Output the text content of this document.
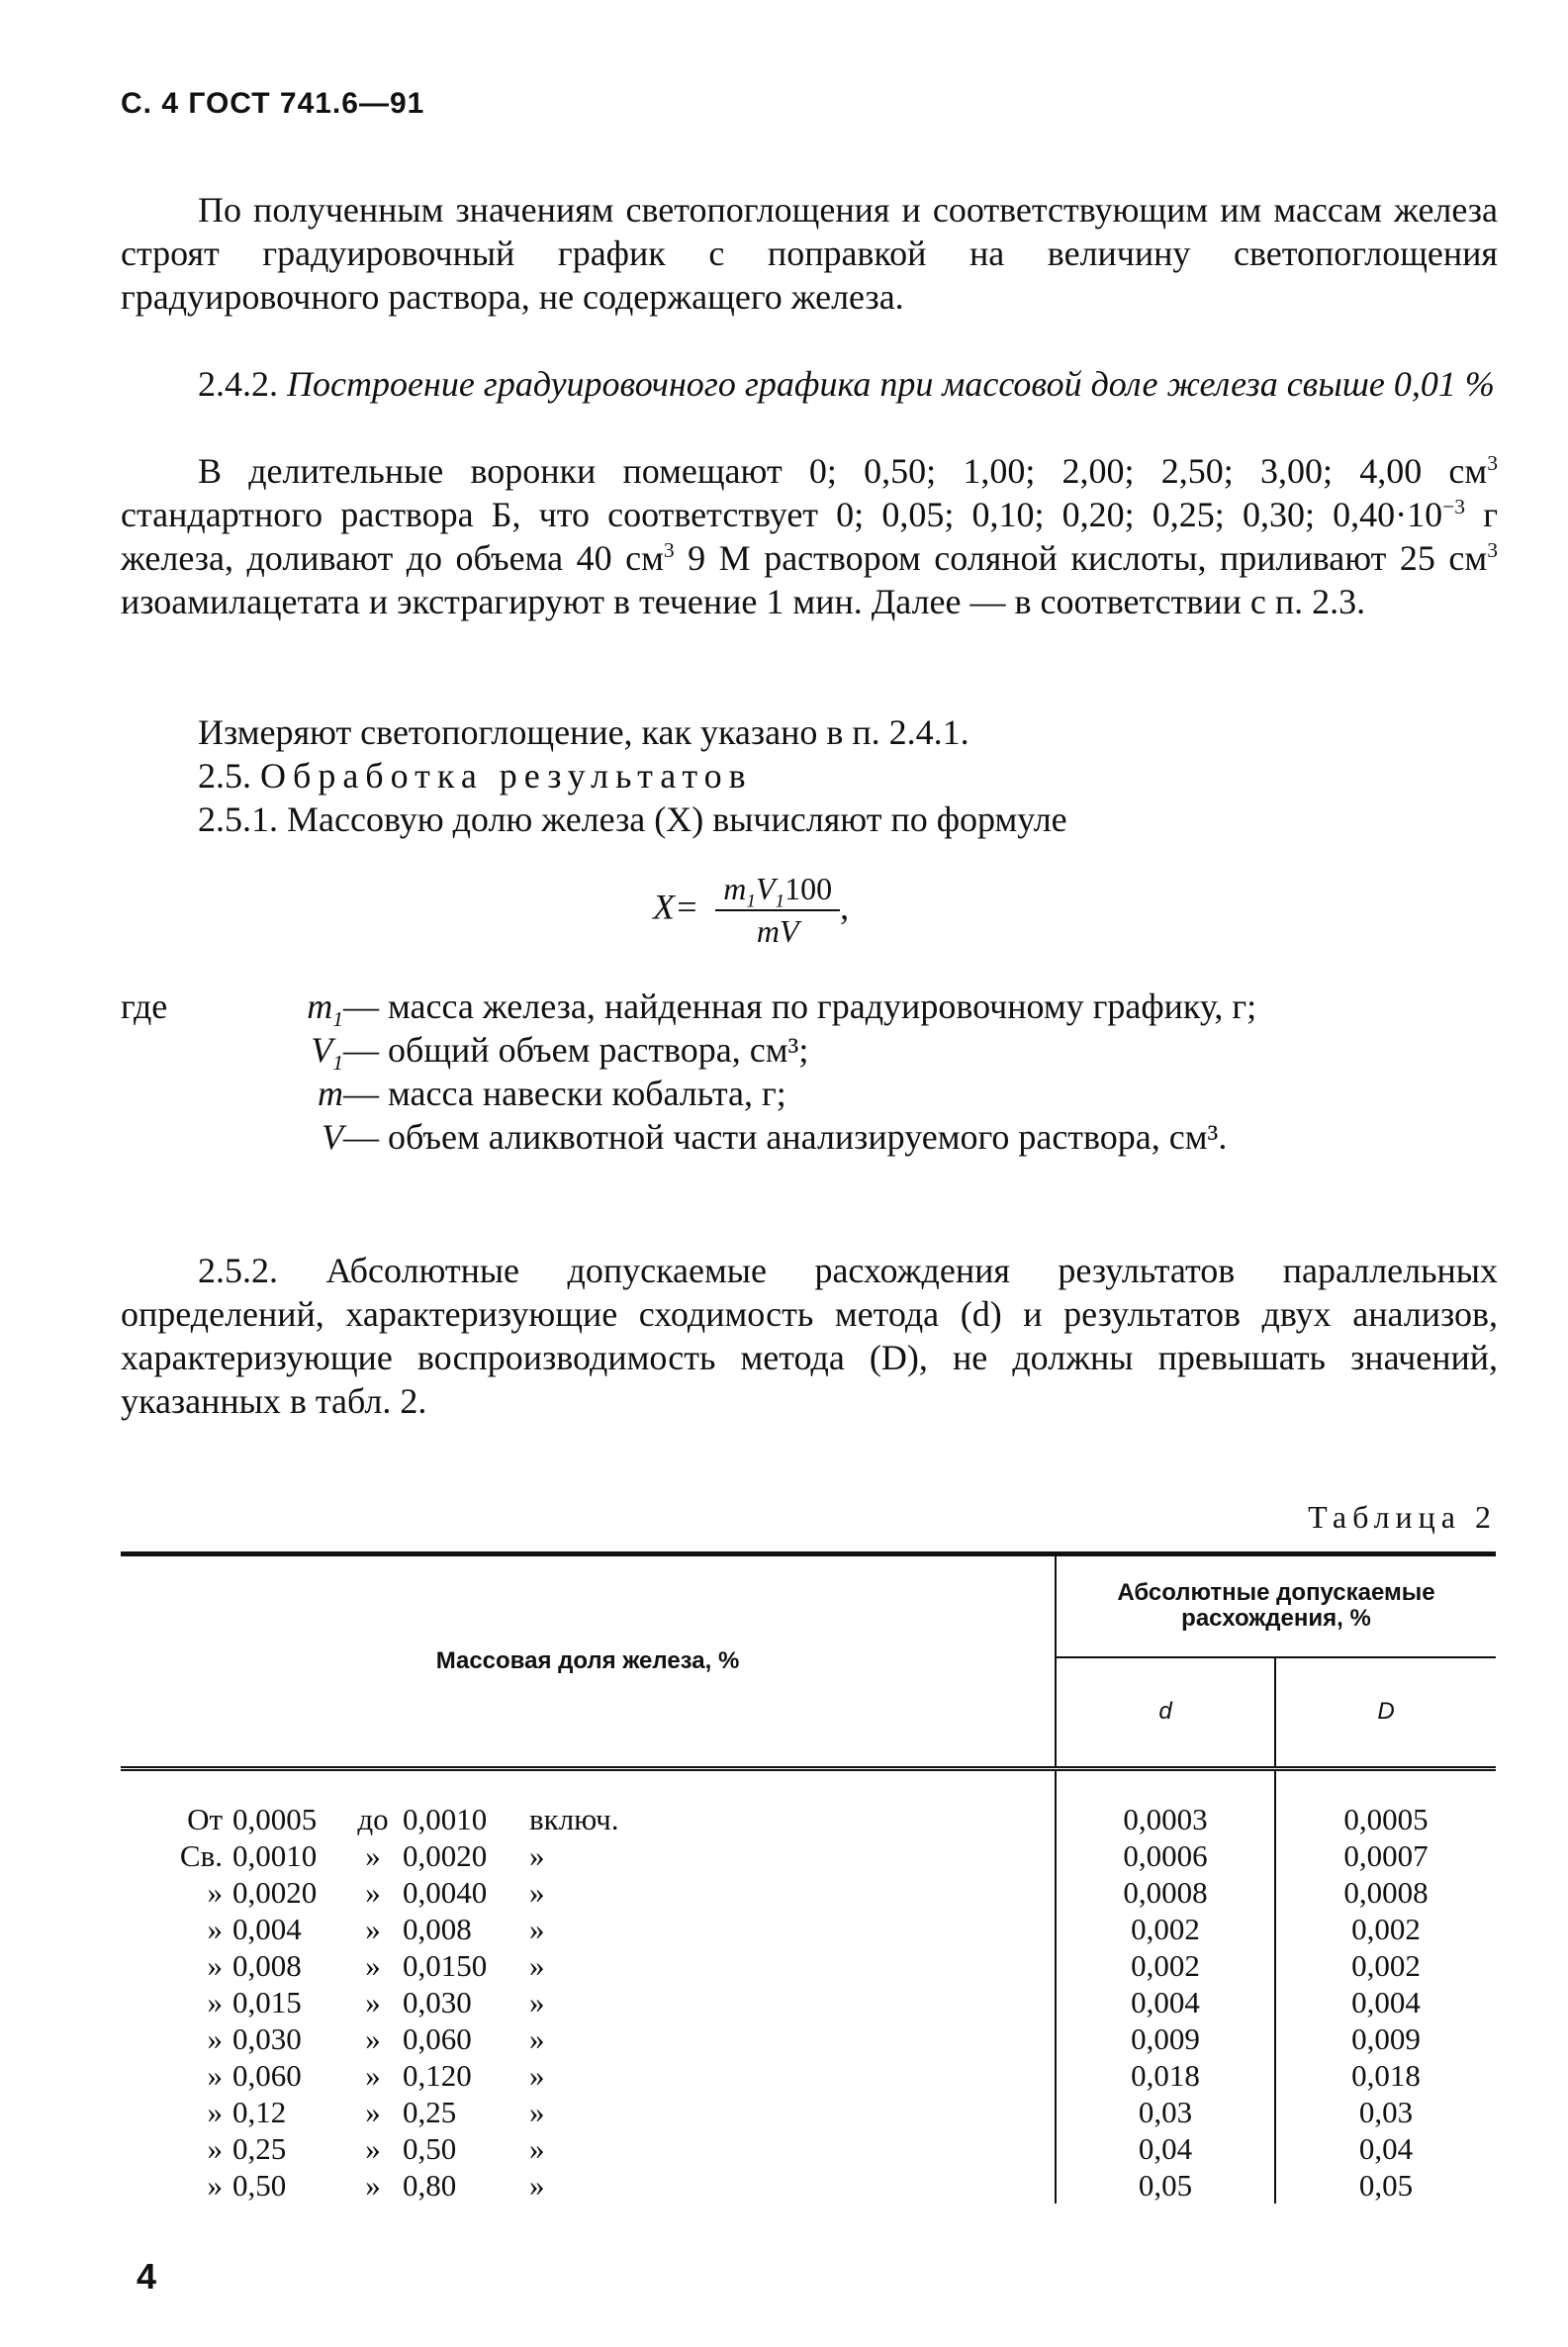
С. 4 ГОСТ 741.6—91
По полученным значениям светопоглощения и соответствующим им массам железа строят градуировочный график с поправкой на величину светопоглощения градуировочного раствора, не содержащего железа.
2.4.2. Построение градуировочного графика при массовой доле железа свыше 0,01 %
В делительные воронки помещают 0; 0,50; 1,00; 2,00; 2,50; 3,00; 4,00 $см^3$ стандартного раствора Б, что соответствует 0; 0,05; 0,10; 0,20; 0,25; 0,30; $0,40\cdot 10^{-3}$ г железа, доливают до объема 40 $см^3$ 9 М раствором соляной кислоты, приливают 25 $см^3$ изоамилацетата и экстрагируют в течение 1 мин. Далее — в соответствии с п. 2.3.
Измеряют светопоглощение, как указано в п. 2.4.1.
2.5. Обработка результатов
2.5.1. Массовую долю железа (X) вычисляют по формуле
$X= \frac{m_1V_1100}{mV}$ ,
где	$m_1—$ масса железа, найденная по градуировочному графику, г;
$V_1—$ общий объем раствора, см³;
m— масса навески кобальта, г;
V— объем аликвотной части анализируемого раствора, см³.
2.5.2. Абсолютные допускаемые расхождения результатов параллельных определений, характеризующие сходимость метода (d) и результатов двух анализов, характеризующие воспроизводимость метода (D), не должны превышать значений, указанных в табл. 2.
Таблица 2
Массовая доля железа, %	Абсолютные допускаемые расхождения, %	
	d	D

От 0,0005 до 0,0010 включ.	0,0003	0,0005

Св. 0,0010 » 0,0020 »	0,0006	0,0007

» 0,0020 » 0,0040 »	0,0008	0,0008

» 0,004 » 0,008 »	0,002	0,002

» 0,008 » 0,0150 »	0,002	0,002

» 0,015 » 0,030 »	0,004	0,004

» 0,030 » 0,060 »	0,009	0,009

» 0,060 » 0,120 »	0,018	0,018

» 0,12 » 0,25 »	0,03	0,03

» 0,25 » 0,50 »	0,04	0,04

» 0,50 » 0,80 »	0,05	0,05
4
